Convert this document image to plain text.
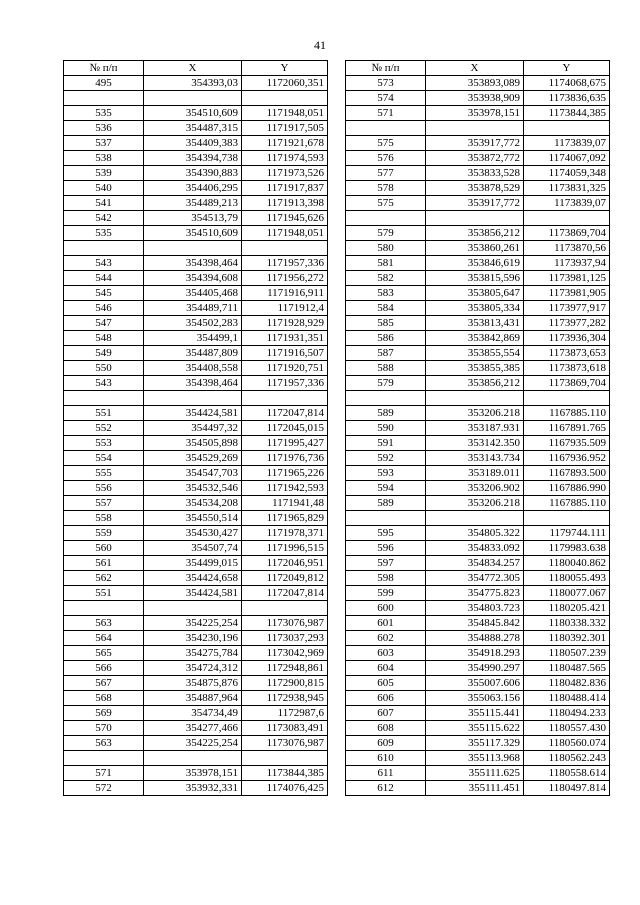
41
№ п/п	X	Y
495	354393,03	1172060,351

535	354510,609	1171948,051
536	354487,315	1171917,505
537	354409,383	1171921,678
538	354394,738	1171974,593
539	354390,883	1171973,526
540	354406,295	1171917,837
541	354489,213	1171913,398
542	354513,79	1171945,626
535	354510,609	1171948,051

543	354398,464	1171957,336
544	354394,608	1171956,272
545	354405,468	1171916,911
546	354489,711	1171912,4
547	354502,283	1171928,929
548	354499,1	1171931,351
549	354487,809	1171916,507
550	354408,558	1171920,751
543	354398,464	1171957,336

551	354424,581	1172047,814
552	354497,32	1172045,015
553	354505,898	1171995,427
554	354529,269	1171976,736
555	354547,703	1171965,226
556	354532,546	1171942,593
557	354534,208	1171941,48
558	354550,514	1171965,829
559	354530,427	1171978,371
560	354507,74	1171996,515
561	354499,015	1172046,951
562	354424,658	1172049,812
551	354424,581	1172047,814

563	354225,254	1173076,987
564	354230,196	1173037,293
565	354275,784	1173042,969
566	354724,312	1172948,861
567	354875,876	1172900,815
568	354887,964	1172938,945
569	354734,49	1172987,6
570	354277,466	1173083,491
563	354225,254	1173076,987

571	353978,151	1173844,385
572	353932,331	1174076,425
№ п/п	X	Y
573	353893,089	1174068,675
574	353938,909	1173836,635
571	353978,151	1173844,385

575	353917,772	1173839,07
576	353872,772	1174067,092
577	353833,528	1174059,348
578	353878,529	1173831,325
575	353917,772	1173839,07

579	353856,212	1173869,704
580	353860,261	1173870,56
581	353846,619	1173937,94
582	353815,596	1173981,125
583	353805,647	1173981,905
584	353805,334	1173977,917
585	353813,431	1173977,282
586	353842,869	1173936,304
587	353855,554	1173873,653
588	353855,385	1173873,618
579	353856,212	1173869,704

589	353206.218	1167885.110
590	353187.931	1167891.765
591	353142.350	1167935.509
592	353143.734	1167936.952
593	353189.011	1167893.500
594	353206.902	1167886.990
589	353206.218	1167885.110

595	354805.322	1179744.111
596	354833.092	1179983.638
597	354834.257	1180040.862
598	354772.305	1180055.493
599	354775.823	1180077.067
600	354803.723	1180205.421
601	354845.842	1180338.332
602	354888.278	1180392.301
603	354918.293	1180507.239
604	354990.297	1180487.565
605	355007.606	1180482.836
606	355063.156	1180488.414
607	355115.441	1180494.233
608	355115.622	1180557.430
609	355117.329	1180560.074
610	355113.968	1180562.243
611	355111.625	1180558.614
612	355111.451	1180497.814
